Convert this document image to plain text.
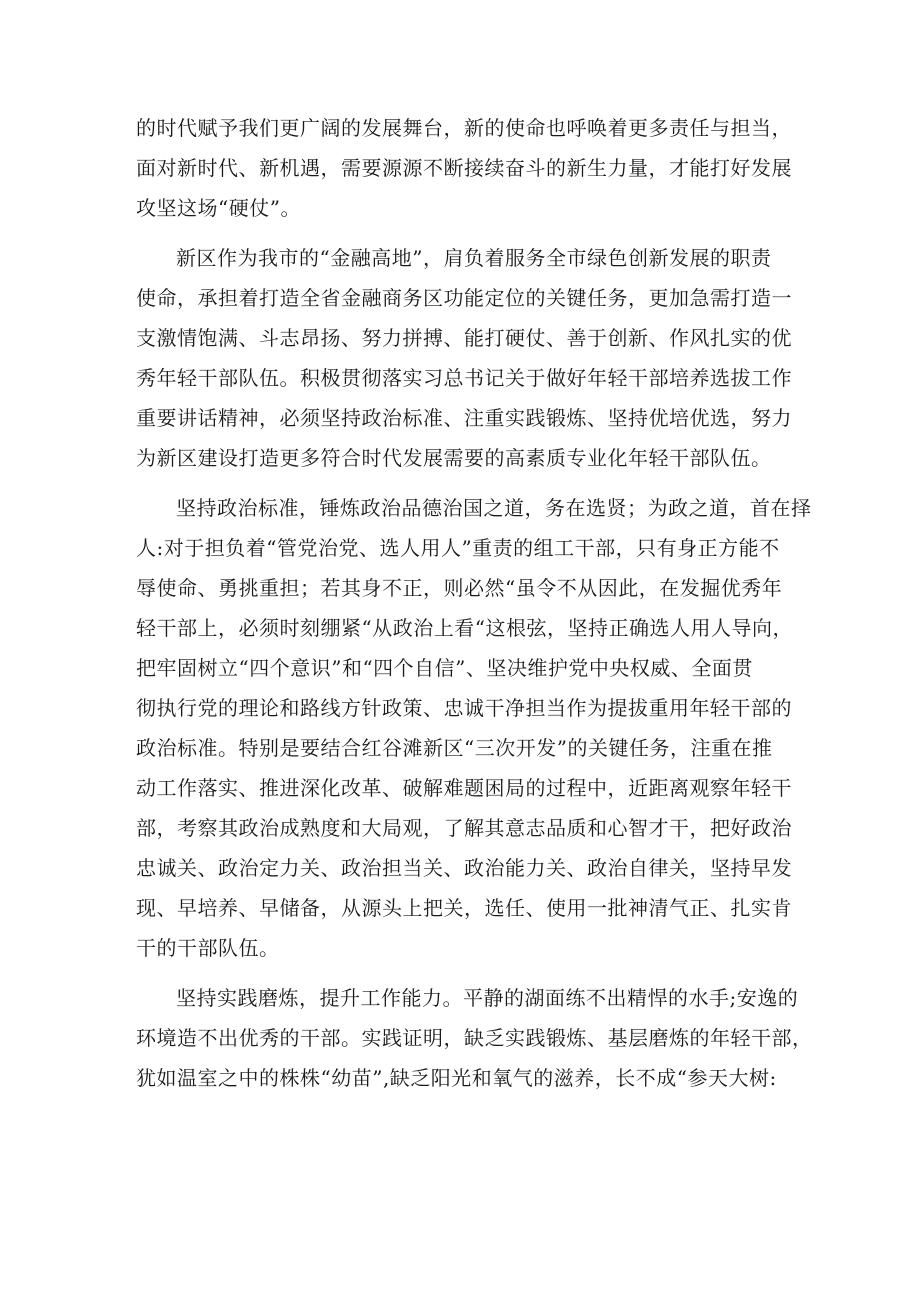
的时代赋予我们更广阔的发展舞台，新的使命也呼唤着更多责任与担当，
面对新时代、新机遇，需要源源不断接续奋斗的新生力量，才能打好发展
攻坚这场“硬仗”。
新区作为我市的“金融高地”，肩负着服务全市绿色创新发展的职责
使命，承担着打造全省金融商务区功能定位的关键任务，更加急需打造一
支激情饱满、斗志昂扬、努力拼搏、能打硬仗、善于创新、作风扎实的优
秀年轻干部队伍。积极贯彻落实习总书记关于做好年轻干部培养选拔工作
重要讲话精神，必须坚持政治标准、注重实践锻炼、坚持优培优选，努力
为新区建设打造更多符合时代发展需要的高素质专业化年轻干部队伍。
坚持政治标准，锤炼政治品德治国之道，务在选贤；为政之道，首在择
人:对于担负着“管党治党、选人用人”重责的组工干部，只有身正方能不
辱使命、勇挑重担；若其身不正，则必然“虽令不从因此，在发掘优秀年
轻干部上，必须时刻绷紧“从政治上看“这根弦，坚持正确选人用人导向，
把牢固树立“四个意识”和“四个自信”、坚决维护党中央权威、全面贯
彻执行党的理论和路线方针政策、忠诚干净担当作为提拔重用年轻干部的
政治标准。特别是要结合红谷滩新区“三次开发”的关键任务，注重在推
动工作落实、推进深化改革、破解难题困局的过程中，近距离观察年轻干
部，考察其政治成熟度和大局观，了解其意志品质和心智才干，把好政治
忠诚关、政治定力关、政治担当关、政治能力关、政治自律关，坚持早发
现、早培养、早储备，从源头上把关，选任、使用一批神清气正、扎实肯
干的干部队伍。
坚持实践磨炼，提升工作能力。平静的湖面练不出精悍的水手;安逸的
环境造不出优秀的干部。实践证明，缺乏实践锻炼、基层磨炼的年轻干部，
犹如温室之中的株株“幼苗”,缺乏阳光和氧气的滋养，长不成“参天大树:
